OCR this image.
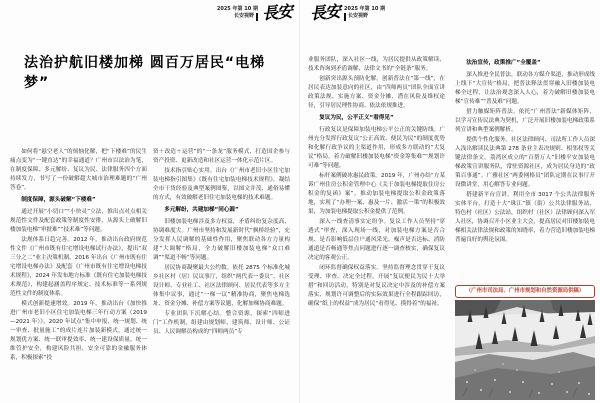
2025 年第 10 期
长安视野 長安
法治护航旧楼加梯 圆百万居民“电梯梦”
如何将“悬空老人”的烦恼化解，把“下楼难”的民生痛点变为“一键直达”的幸福通道？广州市以法治为笔，在制度保障、多元解纷、复议为民、法律服务四个方面持续发力，书写了一份破解超大城市治理难题的“广州答卷”。
制度保障，源头破解“下楼难”
通过开展“小切口”“小快灵”立法，推出点对点相关规范性文件及配套政策等制度性安排，从源头上破解旧楼加装电梯“审批难”“技术难”等问题。
法规体系日趋完善。2012 年，推动出台政府规范性文件《广州市既有住宅增设电梯试行办法》，提出“双三分之二”业主决策机制，2016 年出台《广州市既有住宅增设电梯办法》及配套《广州市既有住宅增设电梯技术规程》，2024 年发布地方标准《既有住宅加装电梯技术规范》，构建起涵盖程序规定、技术标准等一系列规范性文件的制度体系。
模式创新提速增效。2019 年，推动出台《加快推进广州市老旧小区住宅加装电梯三年行动方案（2019—2021 年）》，2020 年试点“集中申报、统一规划、统一审查、批量施工”的成片连片加装新模式，通过统一规划优方案、统一联审提效率、统一建设保质量、统一维管护安全，构建风险共担、安全可靠的金融服务体系，积极探索“投
资＋改造＋运营”的“一条龙”服务模式，打造国企参与资产投资、更新改造和社区运营一体化示范片区。
技术指引贴心实用。出台《广州市老旧小区住宅加装电梯指引图集》《既有住宅加装电梯技术规程》，凝结全市干货经验及典型案例图鉴，以图文并茂、通俗易懂的方式，有效破解老旧住宅加装电梯的技术难题。
多元解纷，共建加梯“同心圆”
旧楼加装电梯涉及多方权益，矛盾纠纷复杂度高、协调难度大。广州市坚持和发展新时代“枫桥经验”，充分发挥人民调解的基础性作用，聚焦联动各方力量构建“大调解”格局，全力破解旧楼加装电梯“众口难调”“渠道不畅”等问题。
居民协商凝聚最大公约数。依托 2875 个标准化城乡社区村（居）民议事厅，组织“两代表一委员”、社区设计师、专业社工、社区法律顾问、居民代表等多方主体集中议事，通过“一梯一议”精准协商，聚焦电梯选址、资金分摊、补偿方案等议题，化解加梯协商难题。
专业团队下沉解心结。整合资源，探索“四师进门”工作机制，组建由规划师、建筑师、设计师、公证员、人民调解员构成的“四师两员”专
長安 2025 年第 10 期
长安视野
业服务团队，深入社区一线，为居民提供从政策解读、技术咨询到矛盾调解、法律文书的“全链条”服务。
创新突出源头预防化解。创新普法在“第一线”，在居民表达加装意向的社区，由“四师两员”团队全面宣讲政策法规、实施方案、资金分摊、潜在风险及维权途径，引导居民理性协商、依法依规推进。
复议为民，公平正义“看得见”
行政复议是保障加装电梯公平公正的关键防线。广州充分发挥行政复议“公正高效、便民为民”的制度优势和化解行政争议的主渠道作用，形成多方联动的“大复议”格局，着力破解旧楼加装电梯“资金筹集难”“规划许可难”等问题。
标杆案例破冰惠民政策。2019 年，广州办结“方某诉广州住房公积金管理中心《关于加装电梯提取住房公积金的复函》案”，推动加装电梯提取公积金政策落地，实现了“办理一案、惠及一片、激活一策”的积极效果，为加装电梯提取公积金提供了范例。
深入一线查清事实定纷争。复议工作人员坚持“穿透式”审查，深入现场一线，对加装电梯方案是否合规、是否影响低层住户通风采光、噪声是否达标、消防通道是否畅通等焦点问题进行逐一调查核实，确保复议决定的客观公正。
闭环监督确保权益落实。坚持监督理念贯穿于复议受理、审查、决定全过程，开展“复议便民为民十大举措”和回访活动，特别是对复议决定中涉及的补偿方案落实、规划许可调整后的实际效果进行全程跟踪回访，确保“纸上的权益”成为居民“看得见、摸得着”的福祉。
法治宣传，政策推广“全覆盖”
深入推进全民普法，联动各方媒介渠道，推动形成线上线下“大宣传”格局，把普法释法贯穿融入旧楼加装电梯全过程，让法治观念深入人心，着力破解旧楼加装电梯“宣传难”“普及难”问题。
借力触媒矩阵普法。依托“广州普法”新媒体矩阵，以学习宣传民法典为契机，广泛开展旧楼加装电梯政策系列宣讲和典型案例解析。
提供个性化服务。社区法律顾问、司法所工作人员深入浅出解读民法典第 278 条业主表决规则、相邻权等关键法律条文，荔湾区成立的“百帮万人”旧楼平安加装电梯政策宣讲服务队，常驻资源社区，成为居民身边的“政策百事通”。广雅社区“两委网格员”团队定期在议事厅开设微讲堂，用心解答专业问题。
搭建新平台宣讲。利用全市 3017 个公共法律服务实体平台，打造十大“珠江”镇（街）公共法律服务站、特色村（社区）公法站，组织村（社区）法律顾问深入军人社区，协调召开小区业主大会，提高居民对旧楼加装电梯相关法律法规和政策的知晓率，着力营造旧楼加装电梯普遍良好的舆论氛围。
（广州市司法局、广州市规划和自然资源局供稿）
